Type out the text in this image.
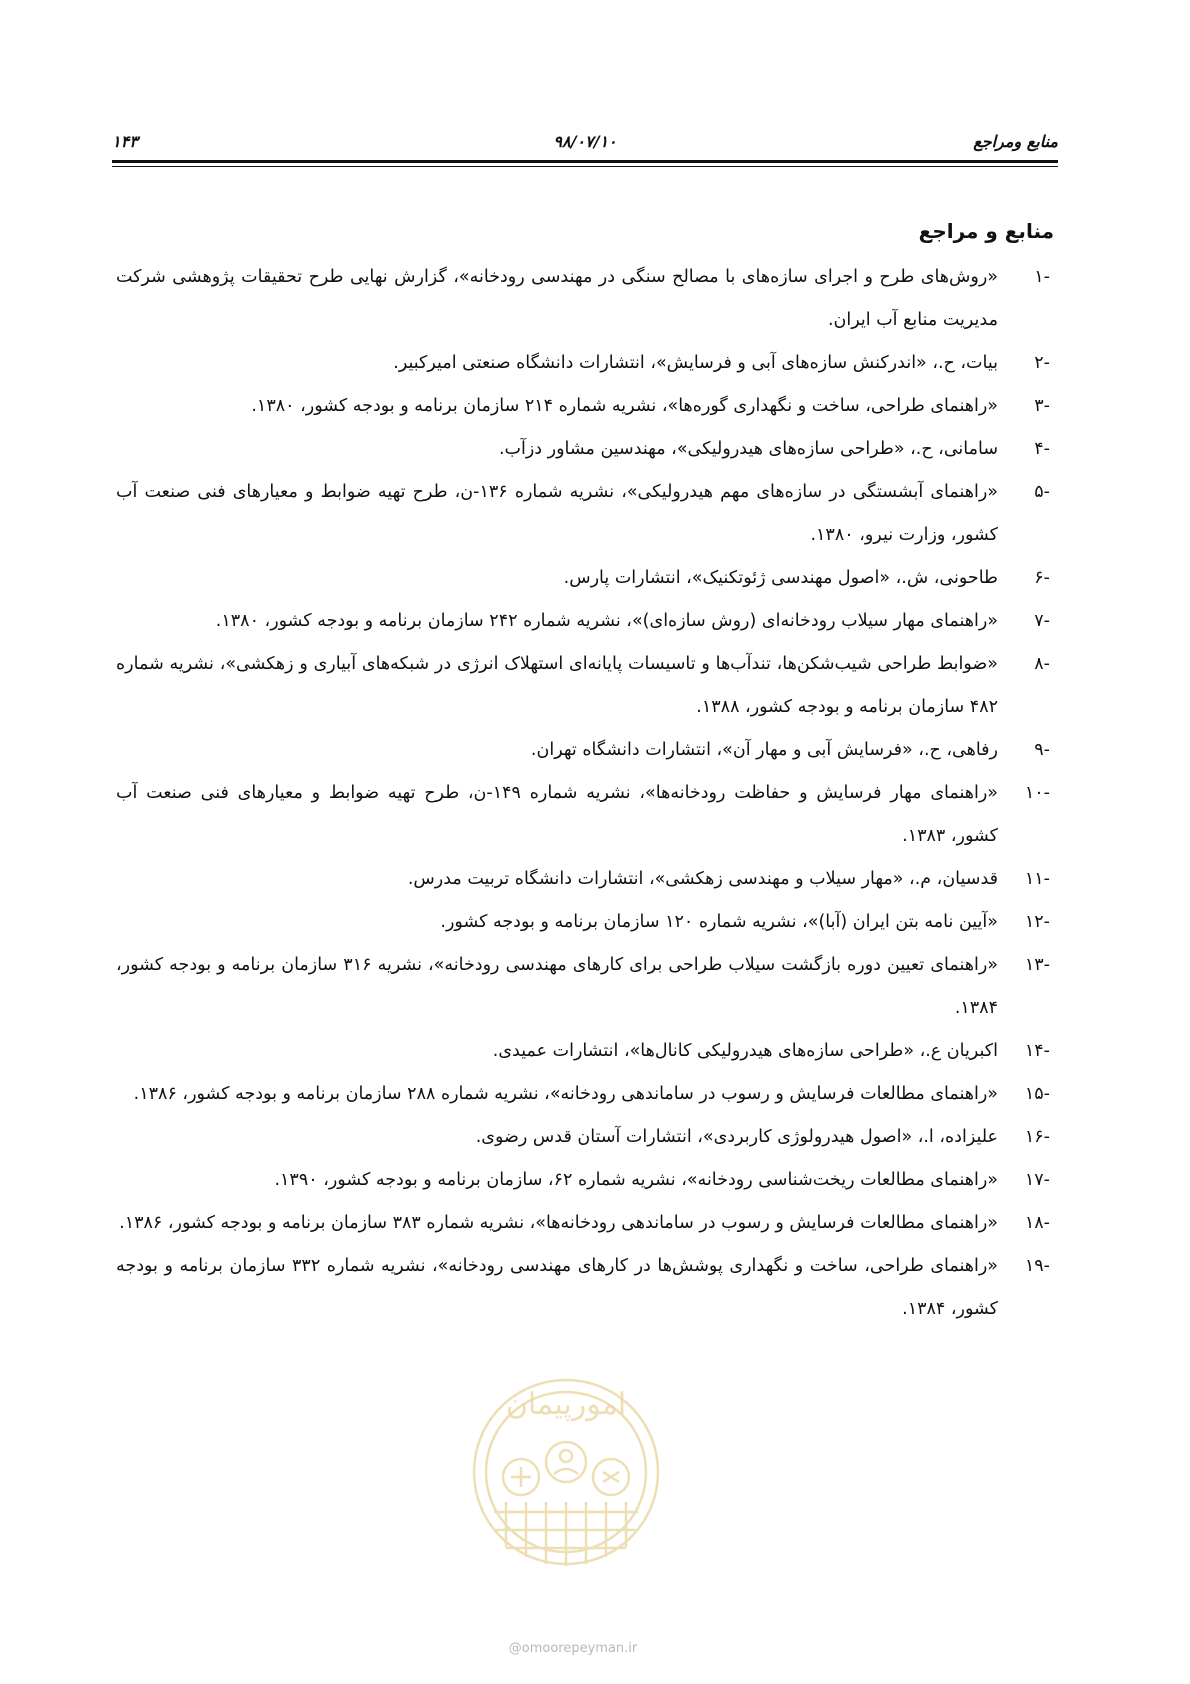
منابع ومراجع
۹۸/۰۷/۱۰
۱۴۳
منابع و مراجع
-۱
«روش‌های طرح و اجرای سازه‌های با مصالح سنگی در مهندسی رودخانه»، گزارش نهایی طرح تحقیقات پژوهشی شرکت مدیریت منابع آب ایران.
-۲
بیات، ح.، «اندرکنش سازه‌های آبی و فرسایش»، انتشارات دانشگاه صنعتی امیرکبیر.
-۳
«راهنمای طراحی، ساخت و نگهداری گوره‌ها»، نشریه شماره ۲۱۴ سازمان برنامه و بودجه کشور، ۱۳۸۰.
-۴
سامانی، ح.، «طراحی سازه‌های هیدرولیکی»، مهندسین مشاور دزآب.
-۵
«راهنمای آبشستگی در سازه‌های مهم هیدرولیکی»، نشریه شماره ۱۳۶-ن، طرح تهیه ضوابط و معیارهای فنی صنعت آب کشور، وزارت نیرو، ۱۳۸۰.
-۶
طاحونی، ش.، «اصول مهندسی ژئوتکنیک»، انتشارات پارس.
-۷
«راهنمای مهار سیلاب رودخانه‌ای (روش سازه‌ای)»، نشریه شماره ۲۴۲ سازمان برنامه و بودجه کشور، ۱۳۸۰.
-۸
«ضوابط طراحی شیب‌شکن‌ها، تندآب‌ها و تاسیسات پایانه‌ای استهلاک انرژی در شبکه‌های آبیاری و زهکشی»، نشریه شماره ۴۸۲ سازمان برنامه و بودجه کشور، ۱۳۸۸.
-۹
رفاهی، ح.، «فرسایش آبی و مهار آن»، انتشارات دانشگاه تهران.
-۱۰
«راهنمای مهار فرسایش و حفاظت رودخانه‌ها»، نشریه شماره ۱۴۹-ن، طرح تهیه ضوابط و معیارهای فنی صنعت آب کشور، ۱۳۸۳.
-۱۱
قدسیان، م.، «مهار سیلاب و مهندسی زهکشی»، انتشارات دانشگاه تربیت مدرس.
-۱۲
«آیین نامه بتن ایران (آبا)»، نشریه شماره ۱۲۰ سازمان برنامه و بودجه کشور.
-۱۳
«راهنمای تعیین دوره بازگشت سیلاب طراحی برای کارهای مهندسی رودخانه»، نشریه ۳۱۶ سازمان برنامه و بودجه کشور، ۱۳۸۴.
-۱۴
اکبریان ع.، «طراحی سازه‌های هیدرولیکی کانال‌ها»، انتشارات عمیدی.
-۱۵
«راهنمای مطالعات فرسایش و رسوب در ساماندهی رودخانه»، نشریه شماره ۲۸۸ سازمان برنامه و بودجه کشور، ۱۳۸۶.
-۱۶
علیزاده، ا.، «اصول هیدرولوژی کاربردی»، انتشارات آستان قدس رضوی.
-۱۷
«راهنمای مطالعات ریخت‌شناسی رودخانه»، نشریه شماره ۶۲، سازمان برنامه و بودجه کشور، ۱۳۹۰.
-۱۸
«راهنمای مطالعات فرسایش و رسوب در ساماندهی رودخانه‌ها»، نشریه شماره ۳۸۳ سازمان برنامه و بودجه کشور، ۱۳۸۶.
-۱۹
«راهنمای طراحی، ساخت و نگهداری پوشش‌ها در کارهای مهندسی رودخانه»، نشریه شماره ۳۳۲ سازمان برنامه و بودجه کشور، ۱۳۸۴.
امورپیمان
@omoorepeyman.ir
